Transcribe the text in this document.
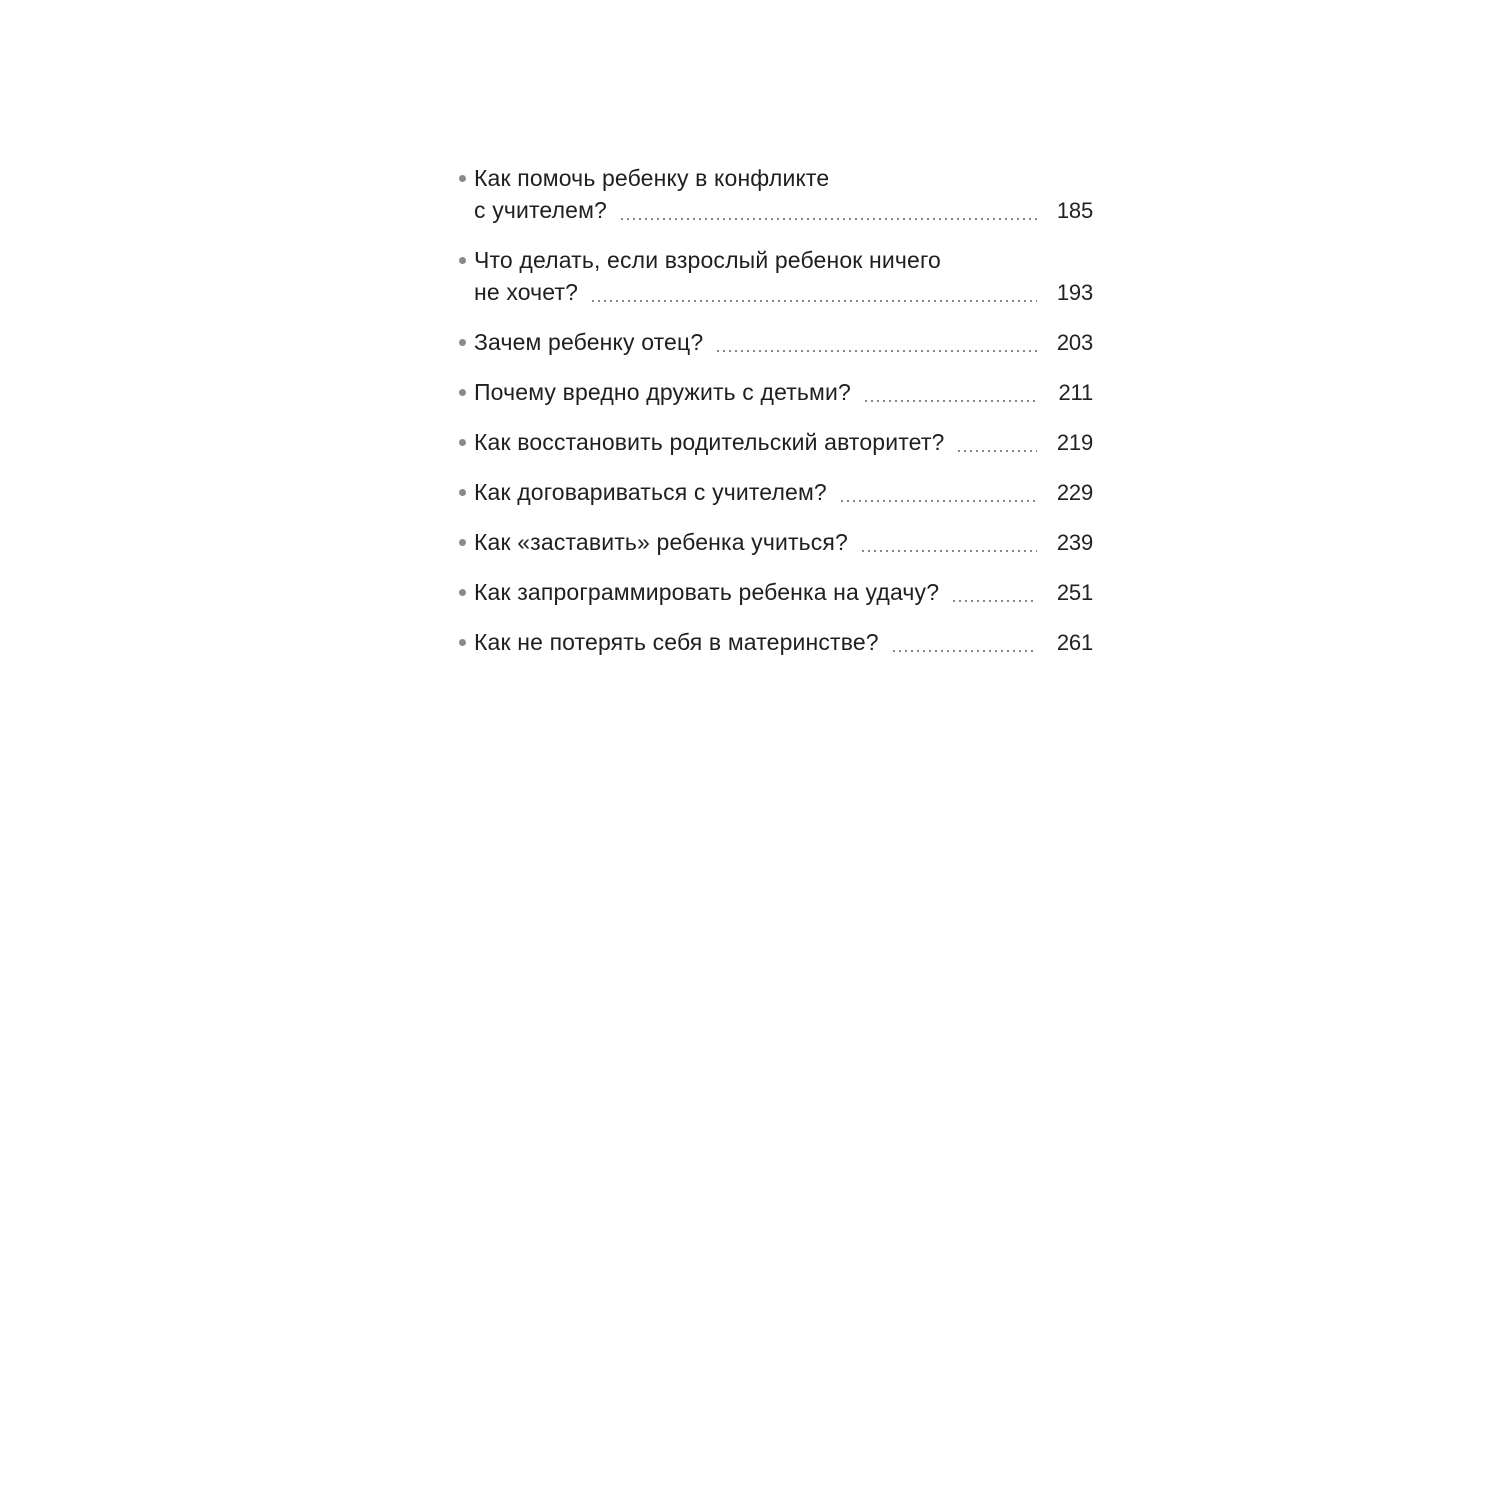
Как помочь ребенку в конфликте
с учителем?	185
Что делать, если взрослый ребенок ничего
не хочет?	193
Зачем ребенку отец?	203
Почему вредно дружить с детьми?	211
Как восстановить родительский авторитет?	219
Как договариваться с учителем?	229
Как «заставить» ребенка учиться?	239
Как запрограммировать ребенка на удачу?	251
Как не потерять себя в материнстве?	261
